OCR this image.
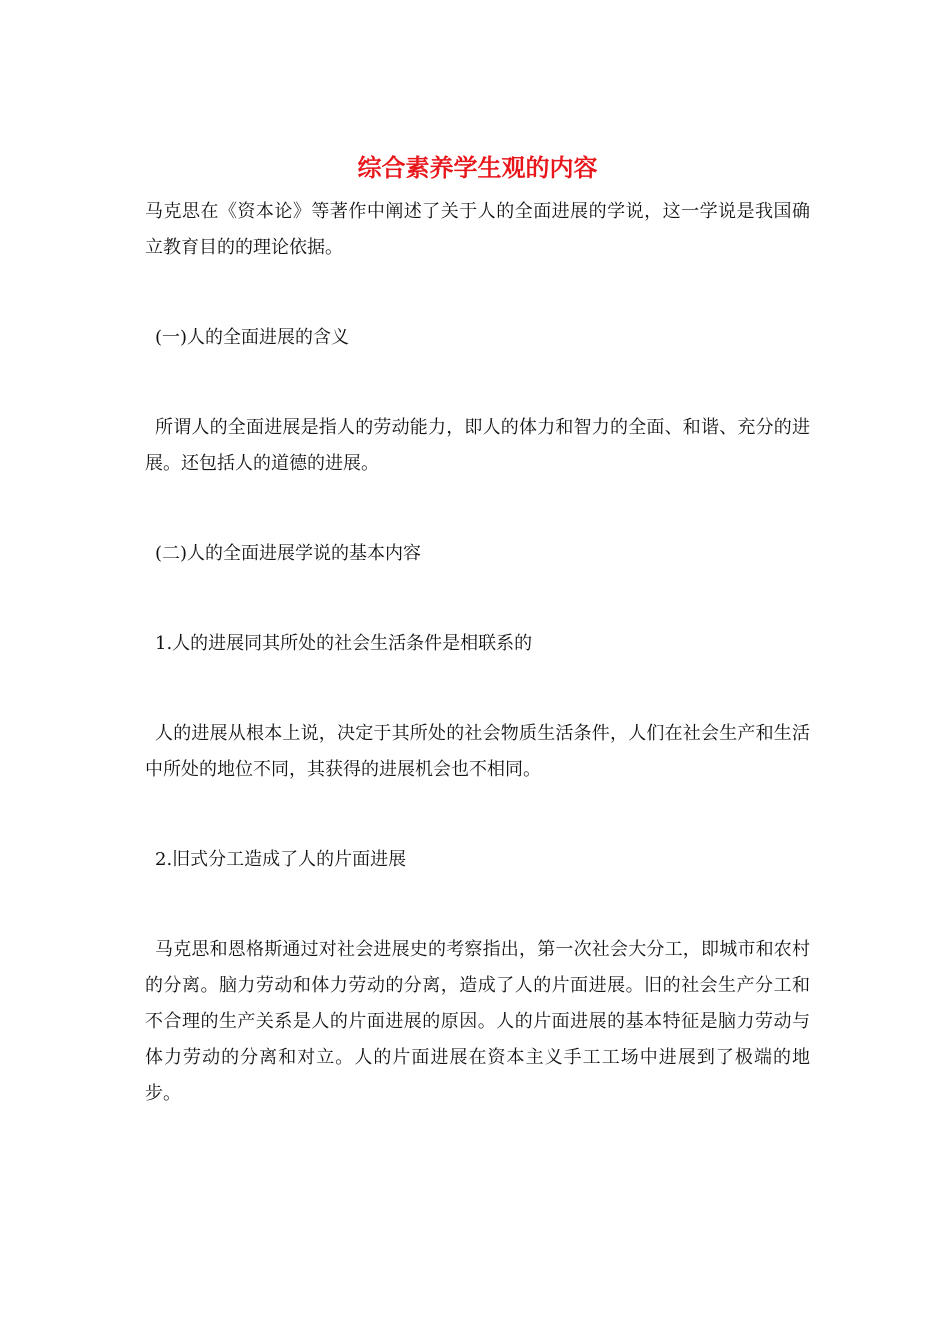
综合素养学生观的内容

马克思在《资本论》等著作中阐述了关于人的全面进展的学说，这一学说是我国确立教育目的的理论依据。

(一)人的全面进展的含义

所谓人的全面进展是指人的劳动能力，即人的体力和智力的全面、和谐、充分的进展。还包括人的道德的进展。

(二)人的全面进展学说的基本内容

1.人的进展同其所处的社会生活条件是相联系的

人的进展从根本上说，决定于其所处的社会物质生活条件，人们在社会生产和生活中所处的地位不同，其获得的进展机会也不相同。

2.旧式分工造成了人的片面进展

马克思和恩格斯通过对社会进展史的考察指出，第一次社会大分工，即城市和农村的分离。脑力劳动和体力劳动的分离，造成了人的片面进展。旧的社会生产分工和不合理的生产关系是人的片面进展的原因。人的片面进展的基本特征是脑力劳动与体力劳动的分离和对立。人的片面进展在资本主义手工工场中进展到了极端的地步。
